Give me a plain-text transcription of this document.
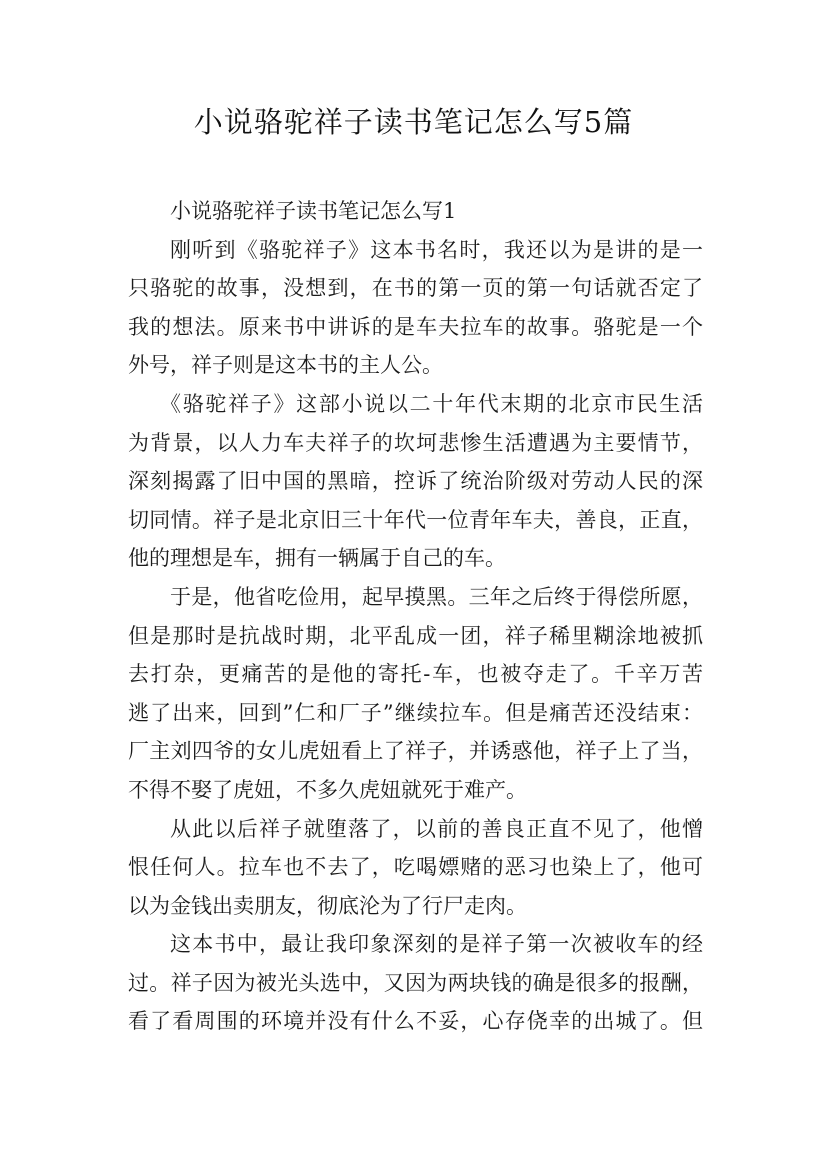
小说骆驼祥子读书笔记怎么写5篇
小说骆驼祥子读书笔记怎么写1
刚听到《骆驼祥子》这本书名时，我还以为是讲的是一
只骆驼的故事，没想到，在书的第一页的第一句话就否定了
我的想法。原来书中讲诉的是车夫拉车的故事。骆驼是一个
外号，祥子则是这本书的主人公。
《骆驼祥子》这部小说以二十年代末期的北京市民生活
为背景，以人力车夫祥子的坎坷悲惨生活遭遇为主要情节，
深刻揭露了旧中国的黑暗，控诉了统治阶级对劳动人民的深
切同情。祥子是北京旧三十年代一位青年车夫，善良，正直，
他的理想是车，拥有一辆属于自己的车。
于是，他省吃俭用，起早摸黑。三年之后终于得偿所愿，
但是那时是抗战时期，北平乱成一团，祥子稀里糊涂地被抓
去打杂，更痛苦的是他的寄托-车，也被夺走了。千辛万苦
逃了出来，回到”仁和厂子”继续拉车。但是痛苦还没结束：
厂主刘四爷的女儿虎妞看上了祥子，并诱惑他，祥子上了当，
不得不娶了虎妞，不多久虎妞就死于难产。
从此以后祥子就堕落了，以前的善良正直不见了，他憎
恨任何人。拉车也不去了，吃喝嫖赌的恶习也染上了，他可
以为金钱出卖朋友，彻底沦为了行尸走肉。
这本书中，最让我印象深刻的是祥子第一次被收车的经
过。祥子因为被光头选中，又因为两块钱的确是很多的报酬，
看了看周围的环境并没有什么不妥，心存侥幸的出城了。但
